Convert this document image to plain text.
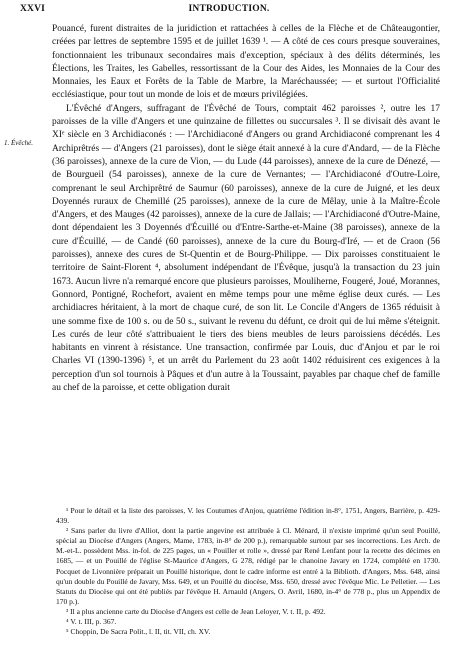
XXVI	INTRODUCTION.
1. Évêché.

Pouancé, furent distraites de la juridiction et rattachées à celles de la Flèche et de Châteaugontier, créées par lettres de septembre 1595 et de juillet 1639 ¹. — A côté de ces cours presque souveraines, fonctionnaient les tribunaux secondaires mais d'exception, spéciaux à des délits déterminés, les Élections, les Traites, les Gabelles, ressortissant de la Cour des Aides, les Monnaies de la Cour des Monnaies, les Eaux et Forêts de la Table de Marbre, la Maréchaussée; — et surtout l'Officialité ecclésiastique, pour tout un monde de lois et de mœurs privilégiées.

L'Évêché d'Angers, suffragant de l'Évêché de Tours, comptait 462 paroisses ², outre les 17 paroisses de la ville d'Angers et une quinzaine de fillettes ou succursales ³. Il se divisait dès avant le XIᵉ siècle en 3 Archidiaconés : — l'Archidiaconé d'Angers ou grand Archidiaconé comprenant les 4 Archiprêtrés — d'Angers (21 paroisses), dont le siège était annexé à la cure d'Andard, — de la Flèche (36 paroisses), annexe de la cure de Vion, — du Lude (44 paroisses), annexe de la cure de Dénezé, — de Bourgueil (54 paroisses), annexe de la cure de Vernantes; — l'Archidiaconé d'Outre-Loire, comprenant le seul Archiprêtré de Saumur (60 paroisses), annexe de la cure de Juigné, et les deux Doyennés ruraux de Chemillé (25 paroisses), annexe de la cure de Mêlay, unie à la Maître-École d'Angers, et des Mauges (42 paroisses), annexe de la cure de Jallais; — l'Archidiaconé d'Outre-Maine, dont dépendaient les 3 Doyennés d'Écuillé ou d'Entre-Sarthe-et-Maine (38 paroisses), annexe de la cure d'Écuillé, — de Candé (60 paroisses), annexe de la cure du Bourg-d'Iré, — et de Craon (56 paroisses), annexe des cures de St-Quentin et de Bourg-Philippe. — Dix paroisses constituaient le territoire de Saint-Florent ⁴, absolument indépendant de l'Évêque, jusqu'à la transaction du 23 juin 1673. Aucun livre n'a remarqué encore que plusieurs paroisses, Mouliherne, Fougeré, Joué, Morannes, Gonnord, Pontigné, Rochefort, avaient en même temps pour une même église deux curés. — Les archidiacres héritaient, à la mort de chaque curé, de son lit. Le Concile d'Angers de 1365 réduisit à une somme fixe de 100 s. ou de 50 s., suivant le revenu du défunt, ce droit qui de lui même s'éteignit. Les curés de leur côté s'attribuaient le tiers des biens meubles de leurs paroissiens décédés. Les habitants en vinrent à résistance. Une transaction, confirmée par Louis, duc d'Anjou et par le roi Charles VI (1390-1396) ⁵, et un arrêt du Parlement du 23 août 1402 réduisirent ces exigences à la perception d'un sol tournois à Pâques et d'un autre à la Toussaint, payables par chaque chef de famille au chef de la paroisse, et cette obligation durait

¹ Pour le détail et la liste des paroisses, V. les Coutumes d'Anjou, quatrième l'édition in-8°, 1751, Angers, Barrière, p. 429-439.

² Sans parler du livre d'Alliot, dont la partie angevine est attribuée à Cl. Ménard, il n'existe imprimé qu'un seul Pouillé, spécial au Diocèse d'Angers (Angers, Mame, 1783, in-8° de 200 p.), remarquable surtout par ses incorrections. Les Arch. de M.-et-L. possèdent Mss. in-fol. de 225 pages, un « Pouiller et rolle », dressé par René Lenfant pour la recette des décimes en 1685, — et un Pouillé de l'église St-Maurice d'Angers, G 278, rédigé par le chanoine Javary en 1724, complété en 1730. Pocquet de Livonnière préparait un Pouillé historique, dont le cadre informe est entré à la Biblioth. d'Angers, Mss. 648, ainsi qu'un double du Pouillé de Javary, Mss. 649, et un Pouillé du diocèse, Mss. 650, dressé avec l'évêque Mic. Le Pelletier. — Les Statuts du Diocèse qui ont été publiés par l'évêque H. Arnauld (Angers, O. Avril, 1680, in-4° de 778 p., plus un Appendix de 170 p.).

³ Il a plus ancienne carte du Diocèse d'Angers est celle de Jean Leloyer, V. t. II, p. 492.

⁴ V. t. III, p. 367.

⁵ Choppin, De Sacra Polit., l. II, tit. VII, ch. XV.
